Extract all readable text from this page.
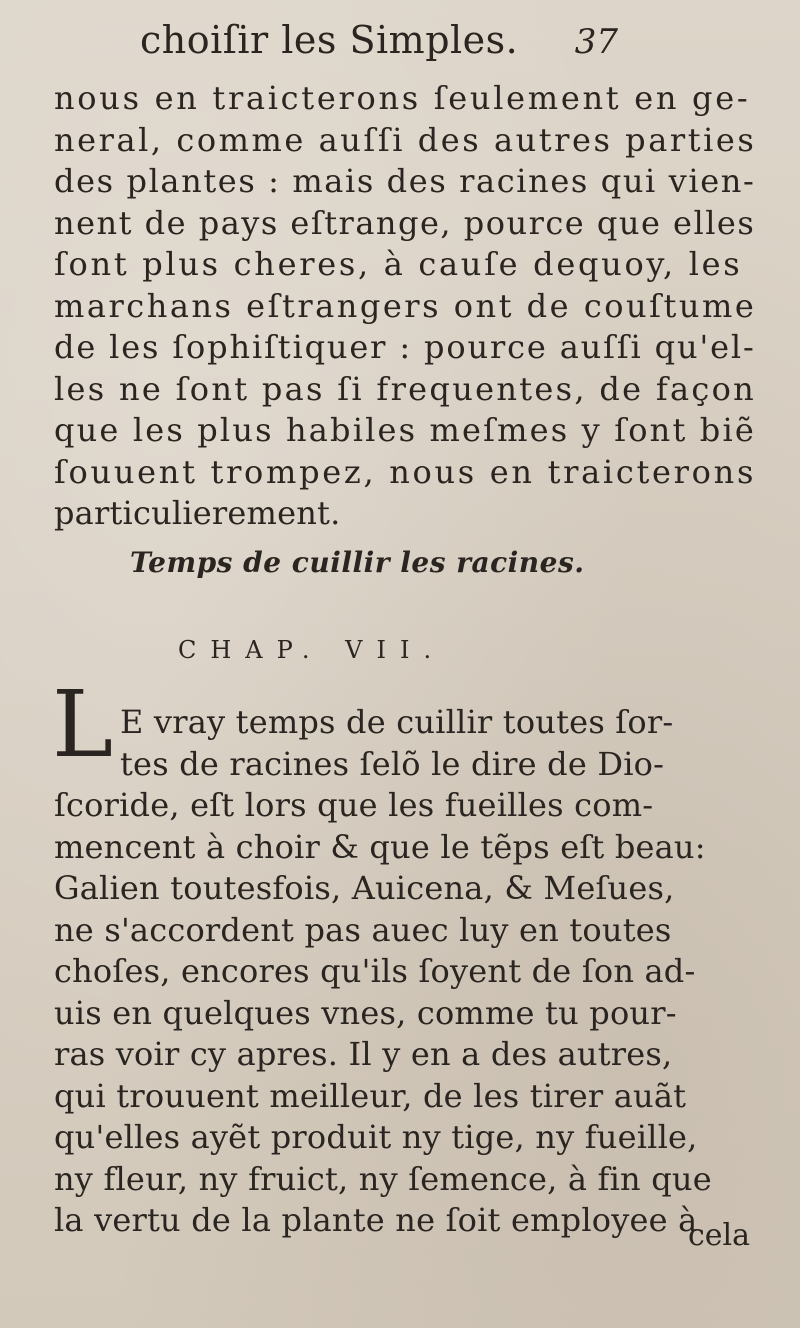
choiſir les Simples. 37
nous en traicterons ſeulement en ge-
neral, comme auſſi des autres parties
des plantes : mais des racines qui vien-
nent de pays eſtrange, pource que elles
ſont plus cheres, à cauſe dequoy, les
marchans eſtrangers ont de couſtume
de les ſophiſtiquer : pource auſſi qu'el-
les ne ſont pas ſi frequentes, de façon
que les plus habiles meſmes y ſont biẽ
ſouuent trompez, nous en traicterons
particulierement.
Temps de cuillir les racines.
CHAP. VII.
L E vray temps de cuillir toutes ſor-
tes de racines ſelõ le dire de Dio-
ſcoride, eſt lors que les fueilles com-
mencent à choir & que le tẽps eſt beau:
Galien toutesfois, Auicena, & Meſues,
ne s'accordent pas auec luy en toutes
choſes, encores qu'ils ſoyent de ſon ad-
uis en quelques vnes, comme tu pour-
ras voir cy apres. Il y en a des autres,
qui trouuent meilleur, de les tirer auãt
qu'elles ayẽt produit ny tige, ny fueille,
ny fleur, ny fruict, ny ſemence, à fin que
la vertu de la plante ne ſoit employee à
cela
